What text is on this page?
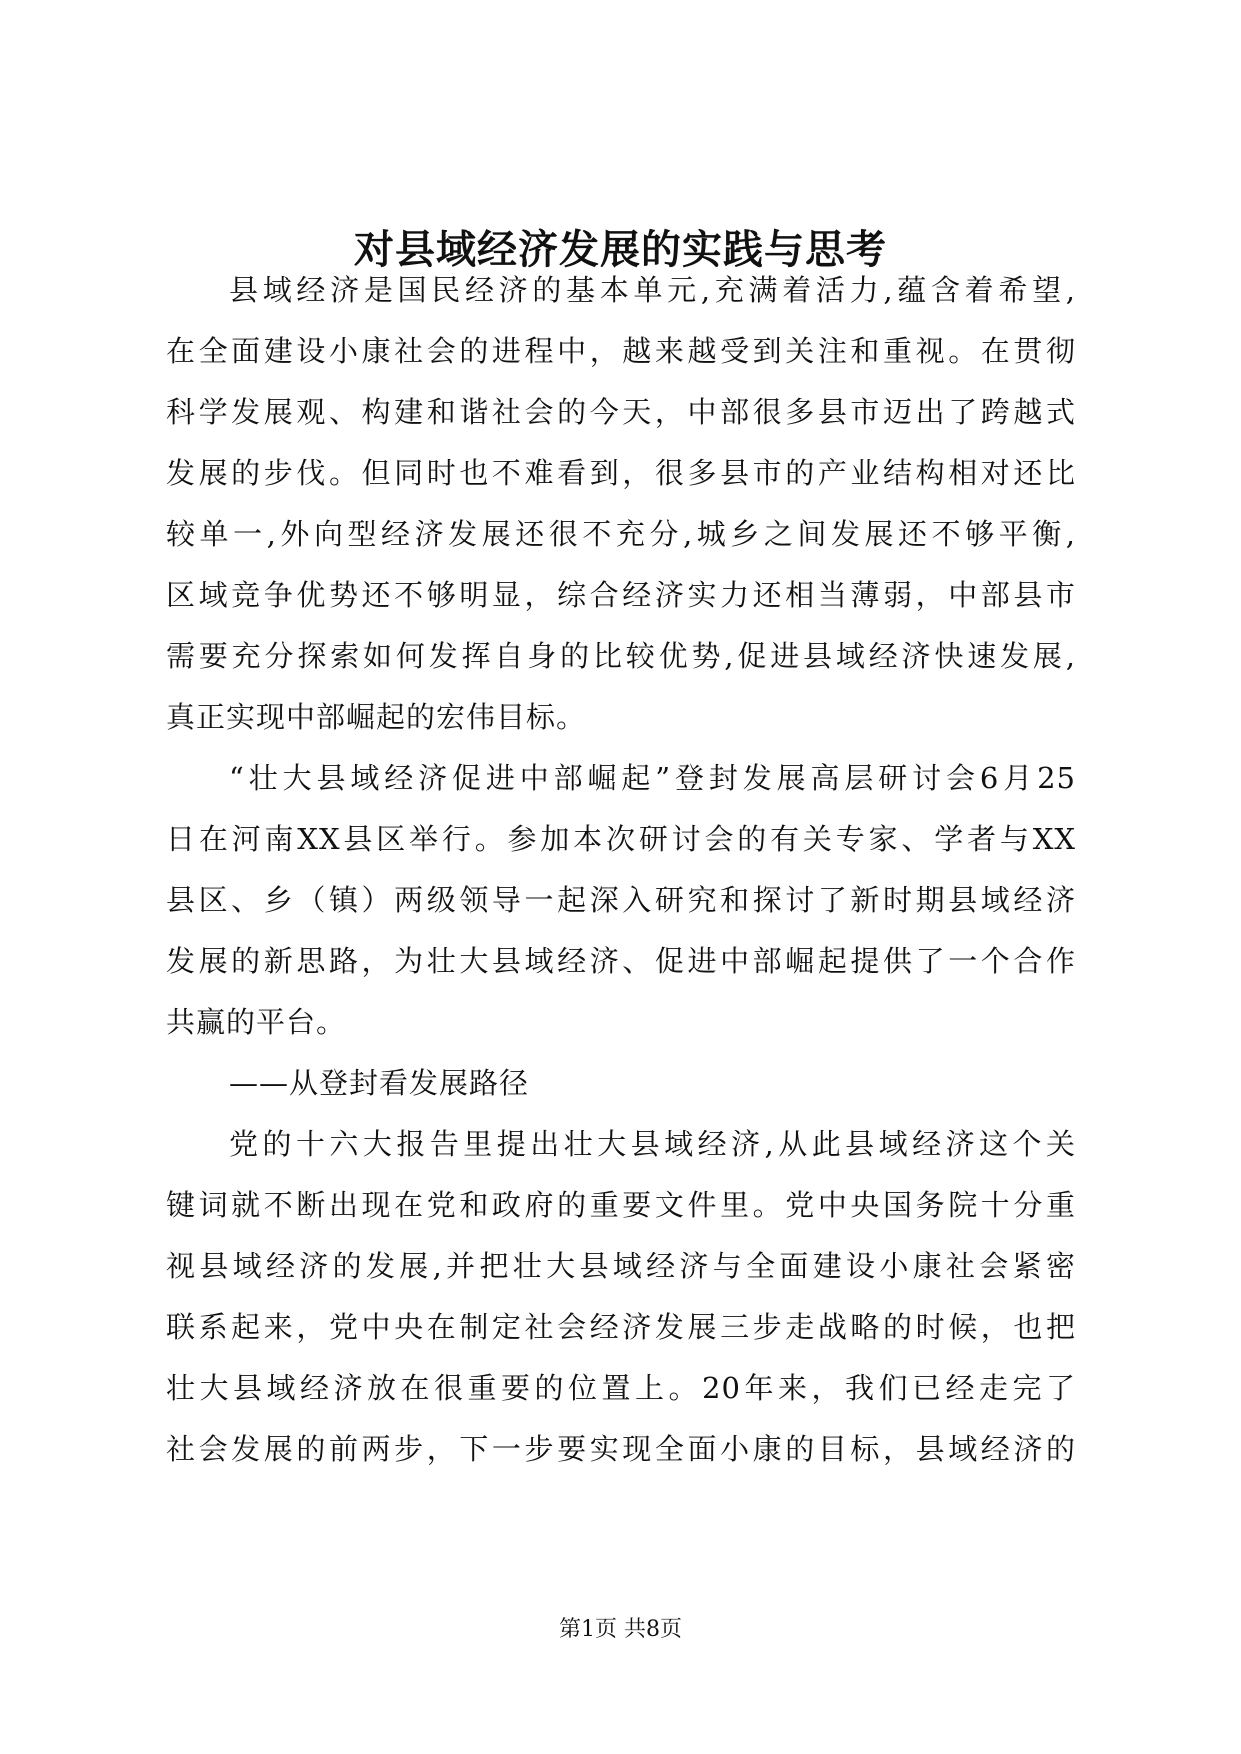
对县域经济发展的实践与思考
县域经济是国民经济的基本单元,充满着活力,蕴含着希望,
在全面建设小康社会的进程中，越来越受到关注和重视。在贯彻
科学发展观、构建和谐社会的今天，中部很多县市迈出了跨越式
发展的步伐。但同时也不难看到，很多县市的产业结构相对还比
较单一,外向型经济发展还很不充分,城乡之间发展还不够平衡,
区域竞争优势还不够明显，综合经济实力还相当薄弱，中部县市
需要充分探索如何发挥自身的比较优势,促进县域经济快速发展,
真正实现中部崛起的宏伟目标。
“壮大县域经济促进中部崛起”登封发展高层研讨会6月25
日在河南XX县区举行。参加本次研讨会的有关专家、学者与XX
县区、乡（镇）两级领导一起深入研究和探讨了新时期县域经济
发展的新思路，为壮大县域经济、促进中部崛起提供了一个合作
共赢的平台。
——从登封看发展路径
党的十六大报告里提出壮大县域经济,从此县域经济这个关
键词就不断出现在党和政府的重要文件里。党中央国务院十分重
视县域经济的发展,并把壮大县域经济与全面建设小康社会紧密
联系起来，党中央在制定社会经济发展三步走战略的时候，也把
壮大县域经济放在很重要的位置上。20年来，我们已经走完了
社会发展的前两步，下一步要实现全面小康的目标，县域经济的
第1页 共8页
